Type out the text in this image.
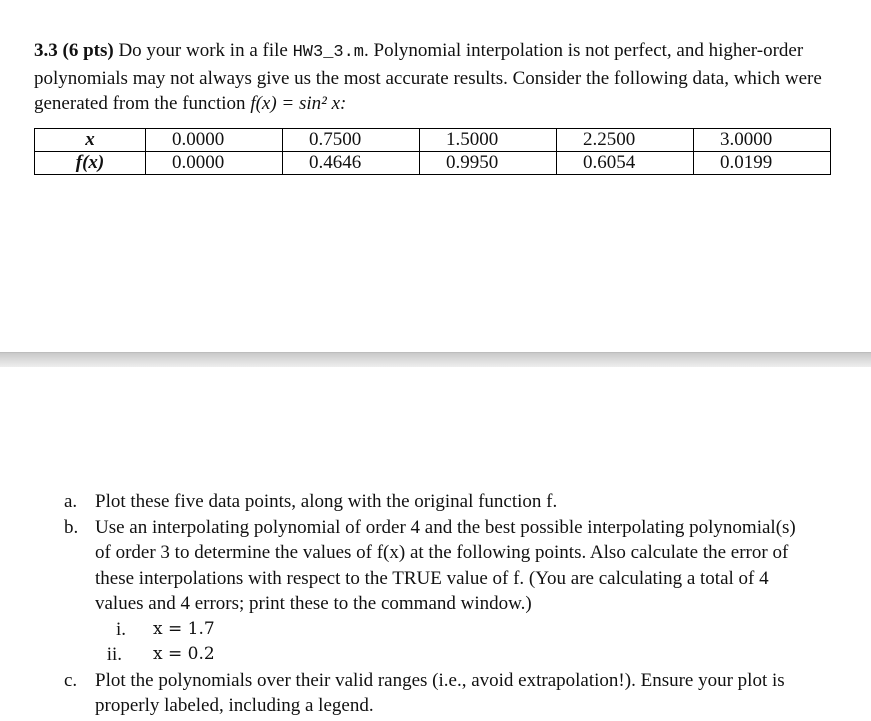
3.3 (6 pts) Do your work in a file HW3_3.m. Polynomial interpolation is not perfect, and higher-order polynomials may not always give us the most accurate results. Consider the following data, which were generated from the function f(x) = sin² x:
x	0.0000	0.7500	1.5000	2.2500	3.0000
f(x)	0.0000	0.4646	0.9950	0.6054	0.0199
a. Plot these five data points, along with the original function f.
b. Use an interpolating polynomial of order 4 and the best possible interpolating polynomial(s) of order 3 to determine the values of f(x) at the following points. Also calculate the error of these interpolations with respect to the TRUE value of f. (You are calculating a total of 4 values and 4 errors; print these to the command window.)
i. x = 1.7
ii. x = 0.2
c. Plot the polynomials over their valid ranges (i.e., avoid extrapolation!). Ensure your plot is properly labeled, including a legend.
